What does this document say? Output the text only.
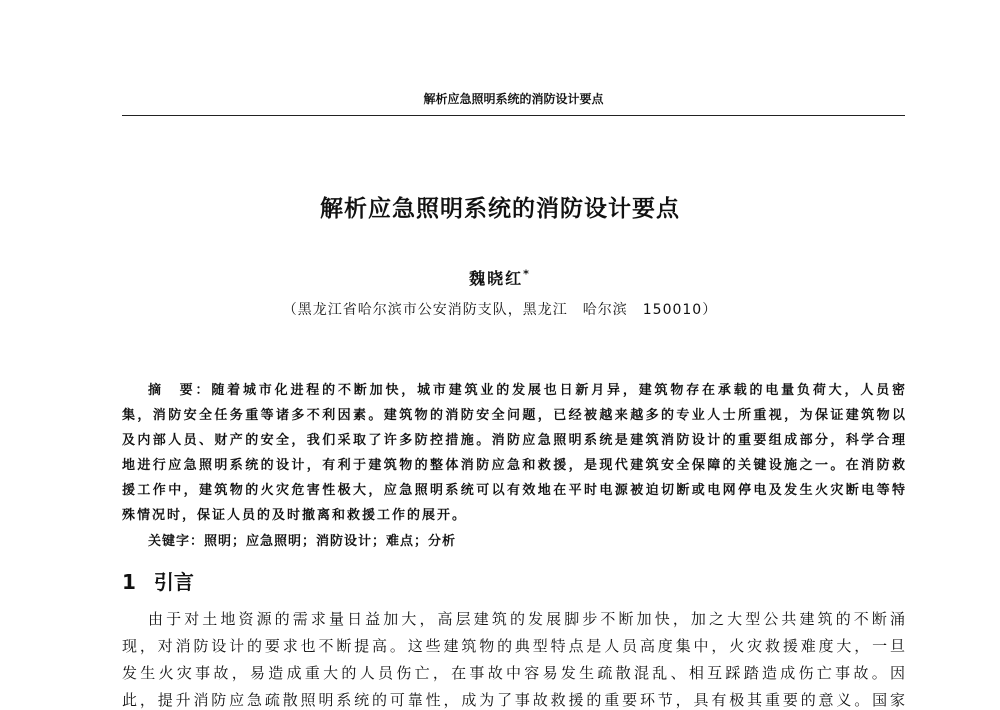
解析应急照明系统的消防设计要点
解析应急照明系统的消防设计要点
魏晓红*
（黑龙江省哈尔滨市公安消防支队，黑龙江　哈尔滨　150010）
摘　要：随着城市化进程的不断加快，城市建筑业的发展也日新月异，建筑物存在承载的电量负荷大，人员密
集，消防安全任务重等诸多不利因素。建筑物的消防安全问题，已经被越来越多的专业人士所重视，为保证建筑物以
及内部人员、财产的安全，我们采取了许多防控措施。消防应急照明系统是建筑消防设计的重要组成部分，科学合理
地进行应急照明系统的设计，有利于建筑物的整体消防应急和救援，是现代建筑安全保障的关键设施之一。在消防救
援工作中，建筑物的火灾危害性极大，应急照明系统可以有效地在平时电源被迫切断或电网停电及发生火灾断电等特
殊情况时，保证人员的及时撤离和救援工作的展开。
关键字：照明；应急照明；消防设计；难点；分析
1 引言
由于对土地资源的需求量日益加大，高层建筑的发展脚步不断加快，加之大型公共建筑的不断涌
现，对消防设计的要求也不断提高。这些建筑物的典型特点是人员高度集中，火灾救援难度大，一旦
发生火灾事故，易造成重大的人员伤亡，在事故中容易发生疏散混乱、相互踩踏造成伤亡事故。因
此，提升消防应急疏散照明系统的可靠性，成为了事故救援的重要环节，具有极其重要的意义。国家
